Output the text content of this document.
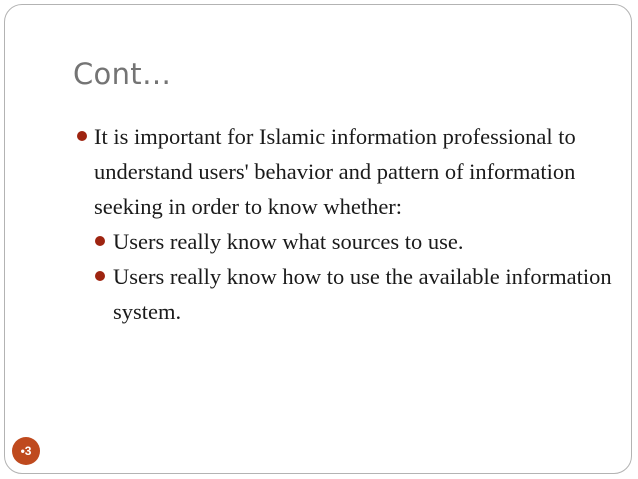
Cont…
It is important for Islamic information professional to understand users' behavior and pattern of information seeking in order to know whether:
Users really know what sources to use.
Users really know how to use the available information system.
•3
